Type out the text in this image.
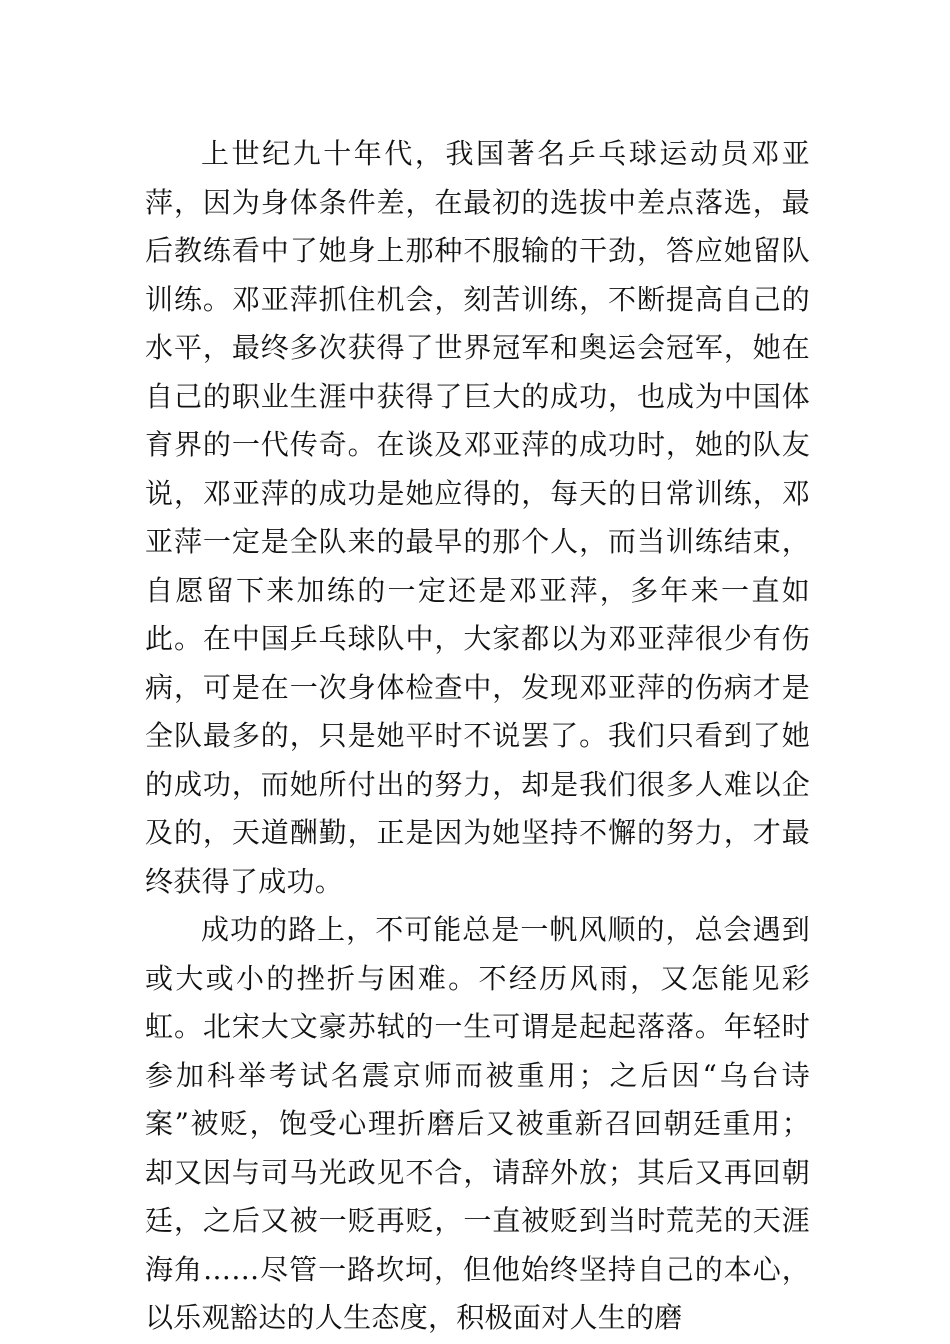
上世纪九十年代，我国著名乒乓球运动员邓亚萍，因为身体条件差，在最初的选拔中差点落选，最后教练看中了她身上那种不服输的干劲，答应她留队训练。邓亚萍抓住机会，刻苦训练，不断提高自己的水平，最终多次获得了世界冠军和奥运会冠军，她在自己的职业生涯中获得了巨大的成功，也成为中国体育界的一代传奇。在谈及邓亚萍的成功时，她的队友说，邓亚萍的成功是她应得的，每天的日常训练，邓亚萍一定是全队来的最早的那个人，而当训练结束，自愿留下来加练的一定还是邓亚萍，多年来一直如此。在中国乒乓球队中，大家都以为邓亚萍很少有伤病，可是在一次身体检查中，发现邓亚萍的伤病才是全队最多的，只是她平时不说罢了。我们只看到了她的成功，而她所付出的努力，却是我们很多人难以企及的，天道酬勤，正是因为她坚持不懈的努力，才最终获得了成功。

成功的路上，不可能总是一帆风顺的，总会遇到或大或小的挫折与困难。不经历风雨，又怎能见彩虹。北宋大文豪苏轼的一生可谓是起起落落。年轻时参加科举考试名震京师而被重用；之后因“乌台诗案”被贬，饱受心理折磨后又被重新召回朝廷重用；却又因与司马光政见不合，请辞外放；其后又再回朝廷，之后又被一贬再贬，一直被贬到当时荒芜的天涯海角……尽管一路坎坷，但他始终坚持自己的本心，以乐观豁达的人生态度，积极面对人生的磨
